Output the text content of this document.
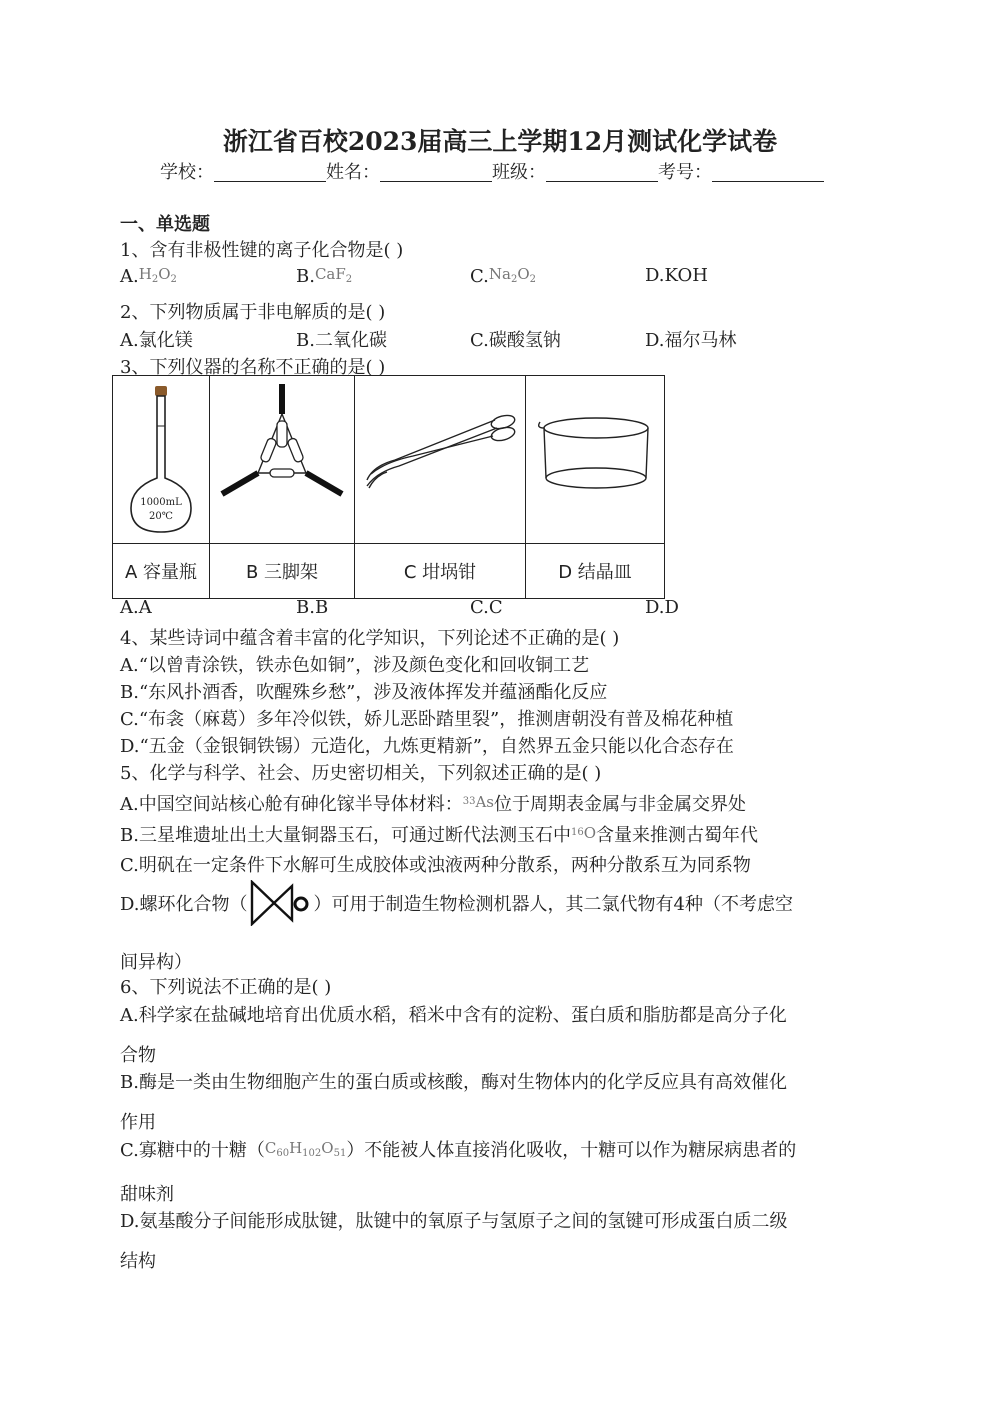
浙江省百校2023届高三上学期12月测试化学试卷
学校：	姓名：	班级：	考号：
一、单选题
1、含有非极性键的离子化合物是( )
$A.H_2O_2$	B.CaF$_2$	$C.Na_2O_2$	D.KOH
2、下列物质属于非电解质的是( )
A.氯化镁	B.二氧化碳	C.碳酸氢钠	D.福尔马林
3、下列仪器的名称不正确的是( )
1000mL
20℃

A 容量瓶	B 三脚架	C 坩埚钳	D 结晶皿
A.A	B.B	C.C	D.D
4、某些诗词中蕴含着丰富的化学知识，下列论述不正确的是( )
A.“以曾青涂铁，铁赤色如铜”，涉及颜色变化和回收铜工艺
B.“东风扑酒香，吹醒殊乡愁”，涉及液体挥发并蕴涵酯化反应
C.“布衾（麻葛）多年冷似铁，娇儿恶卧踏里裂”，推测唐朝没有普及棉花种植
D.“五金（金银铜铁锡）元造化，九炼更精新”，自然界五金只能以化合态存在
5、化学与科学、社会、历史密切相关，下列叙述正确的是( )
A.中国空间站核心舱有砷化镓半导体材料：$^{33}$As位于周期表金属与非金属交界处
B.三星堆遗址出土大量铜器玉石，可通过断代法测玉石中$^{16}$O含量来推测古蜀年代
C.明矾在一定条件下水解可生成胶体或浊液两种分散系，两种分散系互为同系物
D.螺环化合物（	）可用于制造生物检测机器人，其二氯代物有4种（不考虑空
间异构）
6、下列说法不正确的是( )
A.科学家在盐碱地培育出优质水稻，稻米中含有的淀粉、蛋白质和脂肪都是高分子化
合物
B.酶是一类由生物细胞产生的蛋白质或核酸，酶对生物体内的化学反应具有高效催化
作用
C.寡糖中的十糖$(C_{60}H_{102}O_{51})$不能被人体直接消化吸收，十糖可以作为糖尿病患者的
甜味剂
D.氨基酸分子间能形成肽键，肽键中的氧原子与氢原子之间的氢键可形成蛋白质二级
结构
